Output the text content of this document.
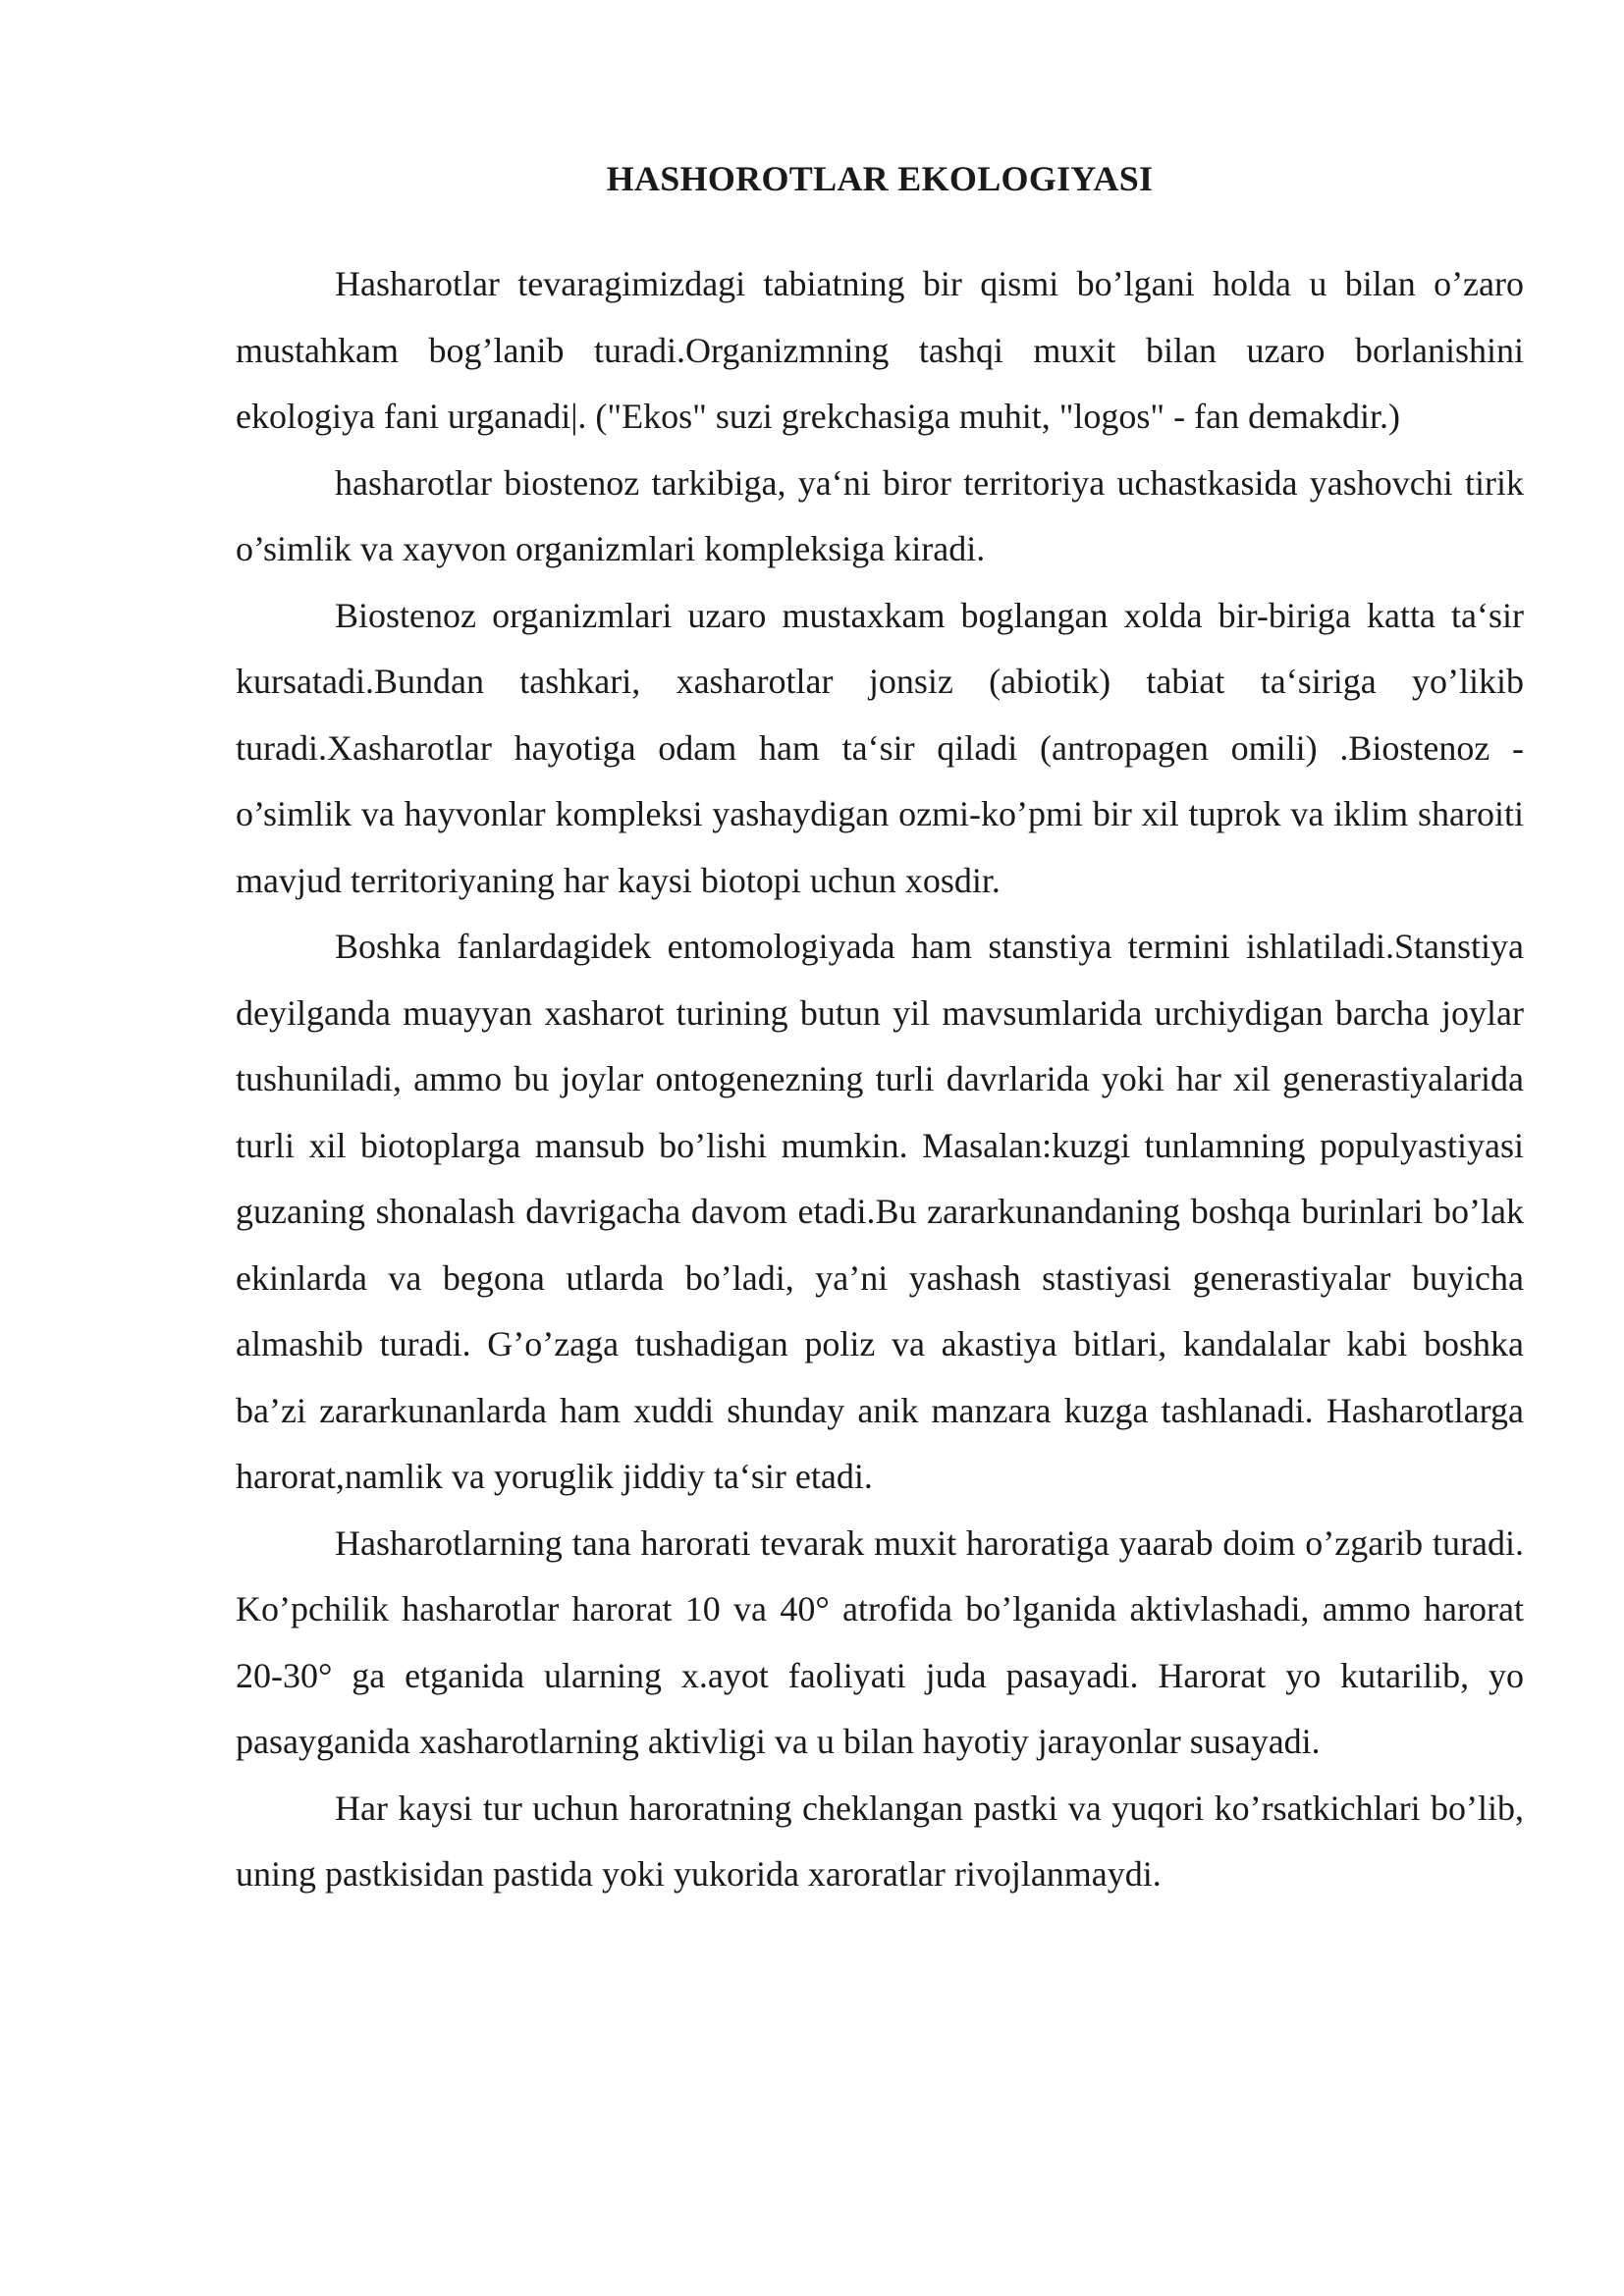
HASHOROTLAR EKOLOGIYASI

Hasharotlar tevaragimizdagi tabiatning bir qismi bo’lgani holda u bilan o’zaro mustahkam bog’lanib turadi.Organizmning tashqi muxit bilan uzaro borlanishini ekologiya fani urganadi|. ("Ekos" suzi grekchasiga muhit, "logos" - fan demakdir.)

hasharotlar biostenoz tarkibiga, ya‘ni biror territoriya uchastkasida yashovchi tirik o’simlik va xayvon organizmlari kompleksiga kiradi.

Biostenoz organizmlari uzaro mustaxkam boglangan xolda bir-biriga katta ta‘sir kursatadi.Bundan tashkari, xasharotlar jonsiz (abiotik) tabiat ta‘siriga yo’likib turadi.Xasharotlar hayotiga odam ham ta‘sir qiladi (antropagen omili) .Biostenoz - o’simlik va hayvonlar kompleksi yashaydigan ozmi-ko’pmi bir xil tuprok va iklim sharoiti mavjud territoriyaning har kaysi biotopi uchun xosdir.

Boshka fanlardagidek entomologiyada ham stanstiya termini ishlatiladi.Stanstiya deyilganda muayyan xasharot turining butun yil mavsumlarida urchiydigan barcha joylar tushuniladi, ammo bu joylar ontogenezning turli davrlarida yoki har xil generastiyalarida turli xil biotoplarga mansub bo’lishi mumkin. Masalan:kuzgi tunlamning populyastiyasi guzaning shonalash davrigacha davom etadi.Bu zararkunandaning boshqa burinlari bo’lak ekinlarda va begona utlarda bo’ladi, ya’ni yashash stastiyasi generastiyalar buyicha almashib turadi. G’o’zaga tushadigan poliz va akastiya bitlari, kandalalar kabi boshka ba’zi zararkunanlarda ham xuddi shunday anik manzara kuzga tashlanadi. Hasharotlarga harorat,namlik va yoruglik jiddiy ta‘sir etadi.

Hasharotlarning tana harorati tevarak muxit haroratiga yaarab doim o’zgarib turadi. Ko’pchilik hasharotlar harorat 10 va 40° atrofida bo’lganida aktivlashadi, ammo harorat 20-30° ga etganida ularning x.ayot faoliyati juda pasayadi. Harorat yo kutarilib, yo pasayganida xasharotlarning aktivligi va u bilan hayotiy jarayonlar susayadi.

Har kaysi tur uchun haroratning cheklangan pastki va yuqori ko’rsatkichlari bo’lib, uning pastkisidan pastida yoki yukorida xaroratlar rivojlanmaydi.
